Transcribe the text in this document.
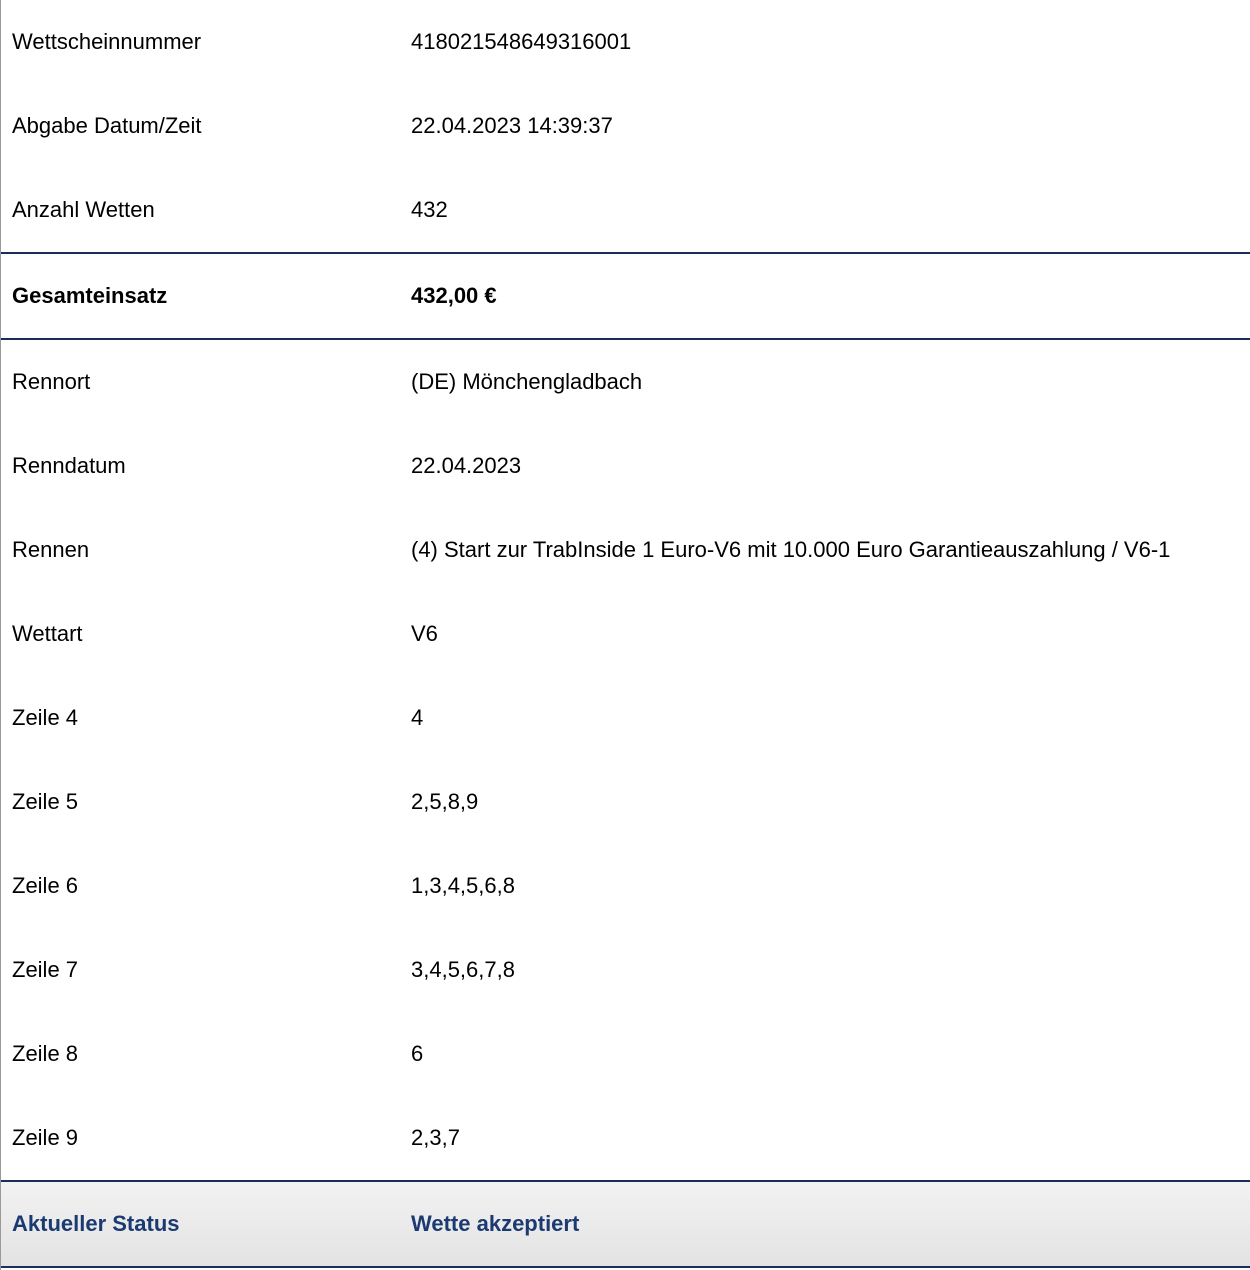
Wettscheinnummer	418021548649316001
Abgabe Datum/Zeit	22.04.2023 14:39:37
Anzahl Wetten	432
Gesamteinsatz	432,00 €
Rennort	(DE) Mönchengladbach
Renndatum	22.04.2023
Rennen	(4) Start zur TrabInside 1 Euro-V6 mit 10.000 Euro Garantieauszahlung / V6-1
Wettart	V6
Zeile 4	4
Zeile 5	2,5,8,9
Zeile 6	1,3,4,5,6,8
Zeile 7	3,4,5,6,7,8
Zeile 8	6
Zeile 9	2,3,7
Aktueller Status	Wette akzeptiert
